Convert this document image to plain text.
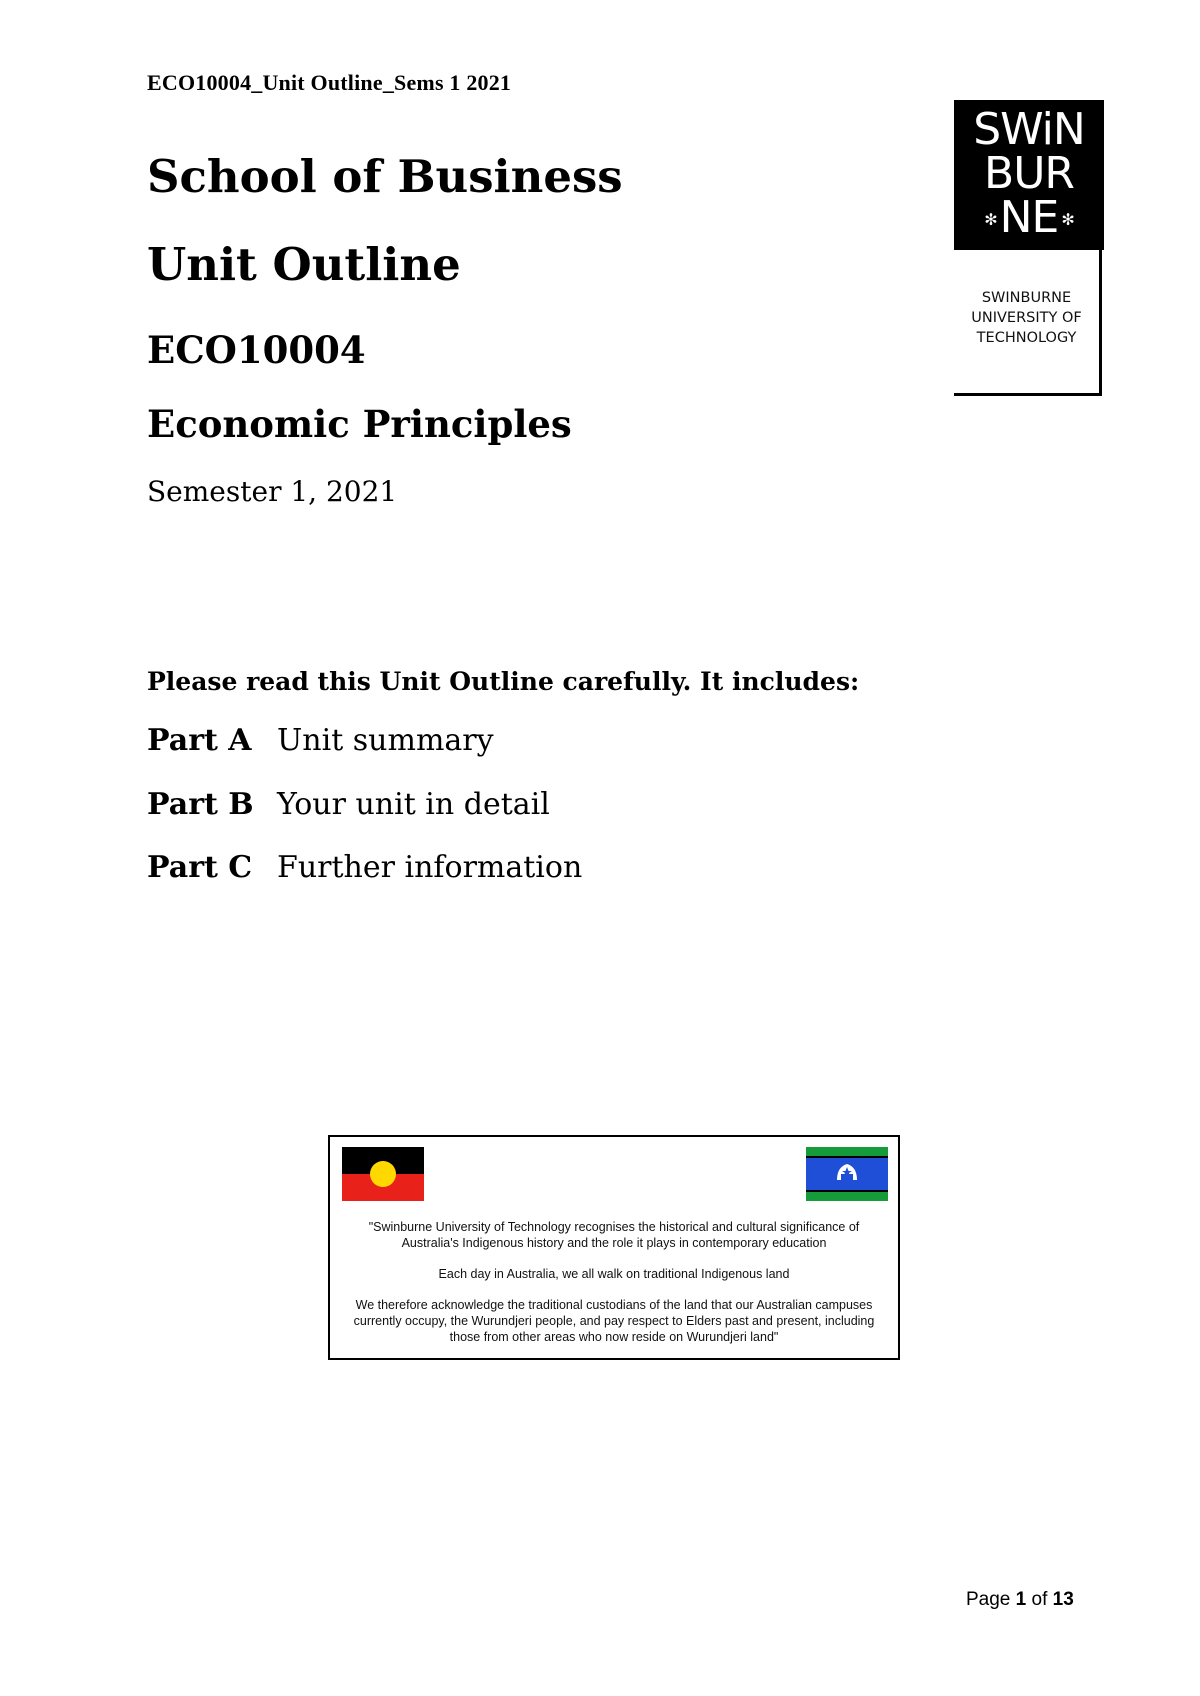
ECO10004_Unit Outline_Sems 1 2021
School of Business
Unit Outline
ECO10004
Economic Principles
Semester 1, 2021
SWiN
BUR
✻NE ✻
SWINBURNE
UNIVERSITY OF
TECHNOLOGY
Please read this Unit Outline carefully. It includes:
Part A Unit summary
Part B Your unit in detail
Part C Further information

"Swinburne University of Technology recognises the historical and cultural significance of Australia's Indigenous history and the role it plays in contemporary education

Each day in Australia, we all walk on traditional Indigenous land

We therefore acknowledge the traditional custodians of the land that our Australian campuses currently occupy, the Wurundjeri people, and pay respect to Elders past and present, including those from other areas who now reside on Wurundjeri land"

Page 1 of 13
